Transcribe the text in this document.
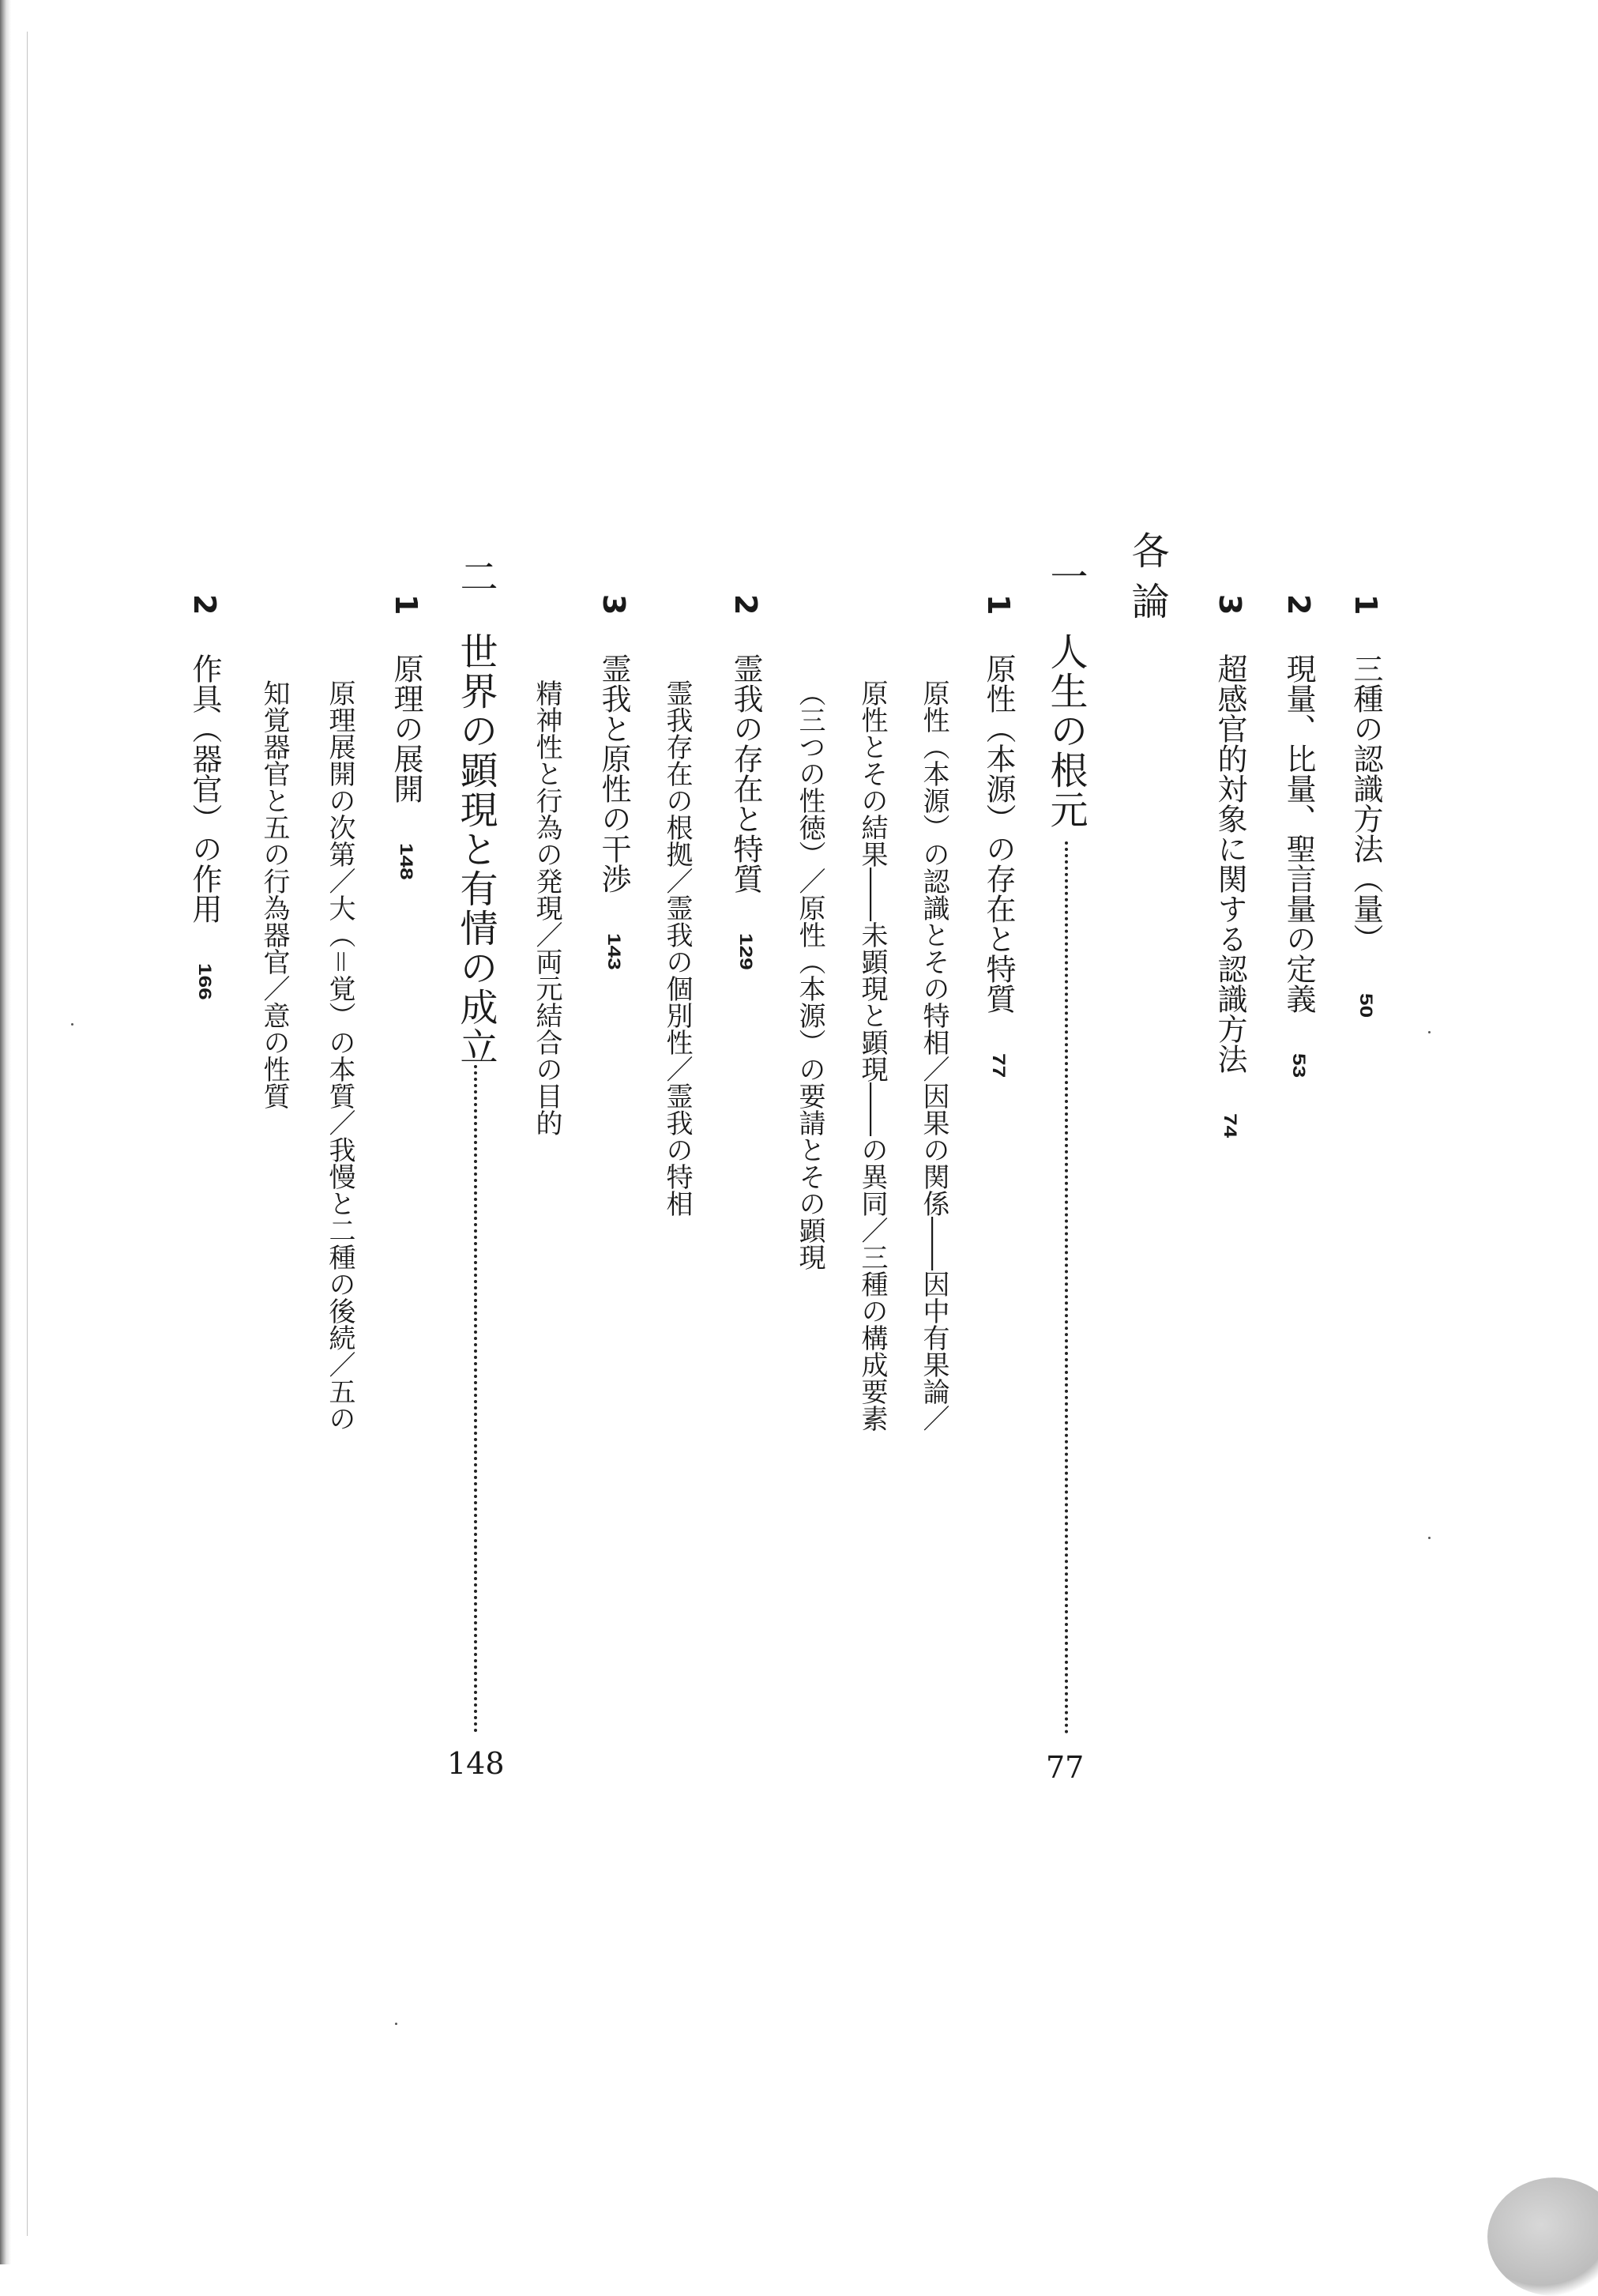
1 三種の認識方法（量） 50
2 現量、比量、聖言量の定義 53
3 超感官的対象に関する認識方法 74
各論
一
人生の根元
77
1 原性（本源）の存在と特質 77
原性（本源）の認識とその特相／因果の関係――因中有果論／
原性とその結果――未顕現と顕現――の異同／三種の構成要素
（三つの性徳）／原性（本源）の要請とその顕現
2 霊我の存在と特質 129
霊我存在の根拠／霊我の個別性／霊我の特相
3 霊我と原性の干渉 143
精神性と行為の発現／両元結合の目的
二
世界の顕現と有情の成立
148
1 原理の展開 148
原理展開の次第／大（＝覚）の本質／我慢と二種の後続／五の
知覚器官と五の行為器官／意の性質
2 作具（器官）の作用 166
